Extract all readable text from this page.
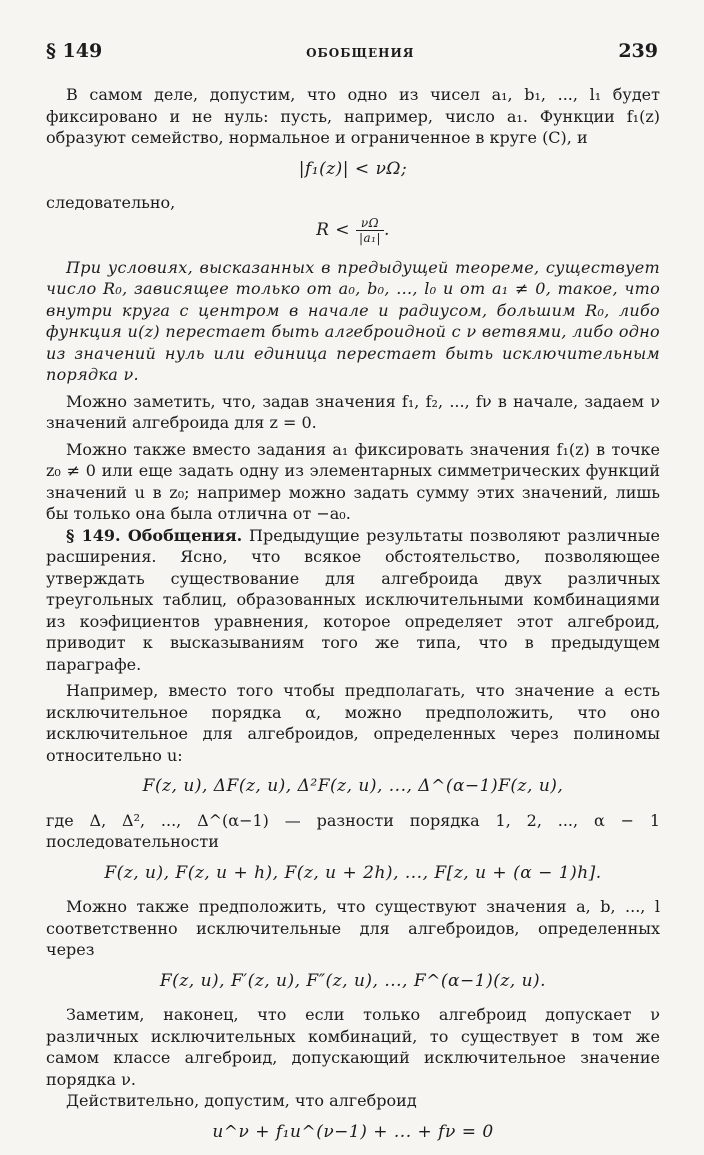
§ 149	ОБОБЩЕНИЯ	239

В самом деле, допустим, что одно из чисел a₁, b₁, ..., l₁ будет фиксировано и не нуль: пусть, например, число a₁. Функции f₁(z) образуют семейство, нормальное и ограниченное в круге (C), и

|f₁(z)| < νΩ;

следовательно,

$R < \frac{\nu\Omega}{\text{|a₁|}}$ .

При условиях, высказанных в предыдущей теореме, существует число R₀, зависящее только от a₀, b₀, ..., l₀ и от a₁ ≠ 0, такое, что внутри круга с центром в начале и радиусом, большим R₀, либо функция u(z) перестает быть алгеброидной с ν ветвями, либо одно из значений нуль или единица перестает быть исключительным порядка ν.

Можно заметить, что, задав значения f₁, f₂, ..., fν в начале, задаем ν значений алгеброида для z = 0.

Можно также вместо задания a₁ фиксировать значения f₁(z) в точке z₀ ≠ 0 или еще задать одну из элементарных симметрических функций значений u в z₀; например можно задать сумму этих значений, лишь бы только она была отлична от −a₀.

§ 149. Обобщения. Предыдущие результаты позволяют различные расширения. Ясно, что всякое обстоятельство, позволяющее утверждать существование для алгеброида двух различных треугольных таблиц, образованных исключительными комбинациями из коэфициентов уравнения, которое определяет этот алгеброид, приводит к высказываниям того же типа, что в предыдущем параграфе.

Например, вместо того чтобы предполагать, что значение a есть исключительное порядка α, можно предположить, что оно исключительное для алгеброидов, определенных через полиномы относительно u:

F(z, u), ΔF(z, u), Δ²F(z, u), ..., Δ^(α−1)F(z, u),

где Δ, Δ², ..., Δ^(α−1) — разности порядка 1, 2, ..., α − 1 последовательности

F(z, u), F(z, u + h), F(z, u + 2h), ..., F[z, u + (α − 1)h].

Можно также предположить, что существуют значения a, b, ..., l соответственно исключительные для алгеброидов, определенных через

F(z, u), F′(z, u), F″(z, u), ..., F^(α−1)(z, u).

Заметим, наконец, что если только алгеброид допускает ν различных исключительных комбинаций, то существует в том же самом классе алгеброид, допускающий исключительное значение порядка ν.

Действительно, допустим, что алгеброид

u^ν + f₁u^(ν−1) + ... + fν = 0
